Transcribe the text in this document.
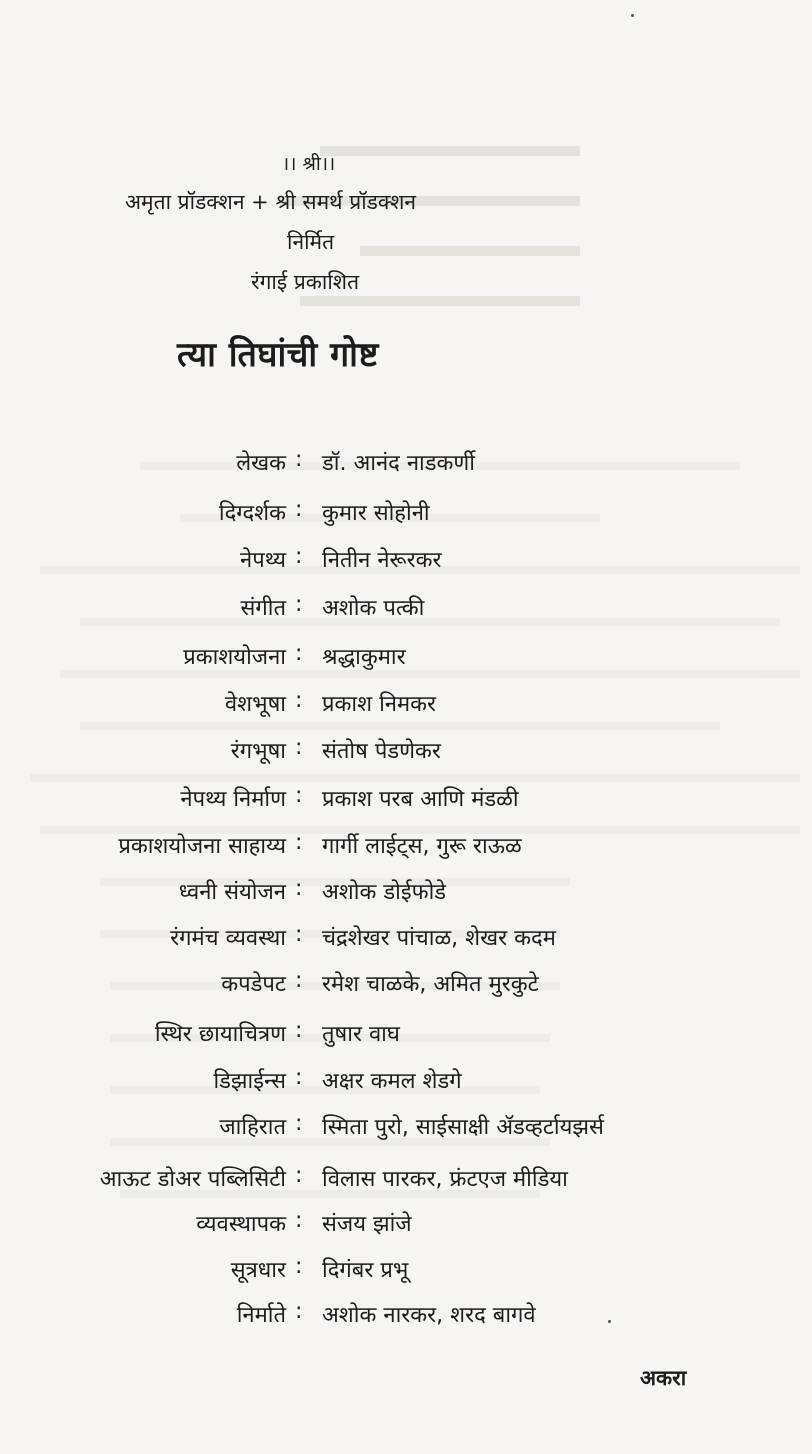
।। श्री।।
अमृता प्रॉडक्शन + श्री समर्थ प्रॉडक्शन
निर्मित
रंगाई प्रकाशित
त्या तिघांची गोष्ट
लेखक : डॉ. आनंद नाडकर्णी
दिग्दर्शक : कुमार सोहोनी
नेपथ्य : नितीन नेरूरकर
संगीत : अशोक पत्की
प्रकाशयोजना : श्रद्धाकुमार
वेशभूषा : प्रकाश निमकर
रंगभूषा : संतोष पेडणेकर
नेपथ्य निर्माण : प्रकाश परब आणि मंडळी
प्रकाशयोजना साहाय्य : गार्गी लाईट्स, गुरू राऊळ
ध्वनी संयोजन : अशोक डोईफोडे
रंगमंच व्यवस्था : चंद्रशेखर पांचाळ, शेखर कदम
कपडेपट : रमेश चाळके, अमित मुरकुटे
स्थिर छायाचित्रण : तुषार वाघ
डिझाईन्स : अक्षर कमल शेडगे
जाहिरात : स्मिता पुरो, साईसाक्षी ॲडव्हर्टायझर्स
आऊट डोअर पब्लिसिटी : विलास पारकर, फ्रंटएज मीडिया
व्यवस्थापक : संजय झांजे
सूत्रधार : दिगंबर प्रभू
निर्माते : अशोक नारकर, शरद बागवे
अकरा
